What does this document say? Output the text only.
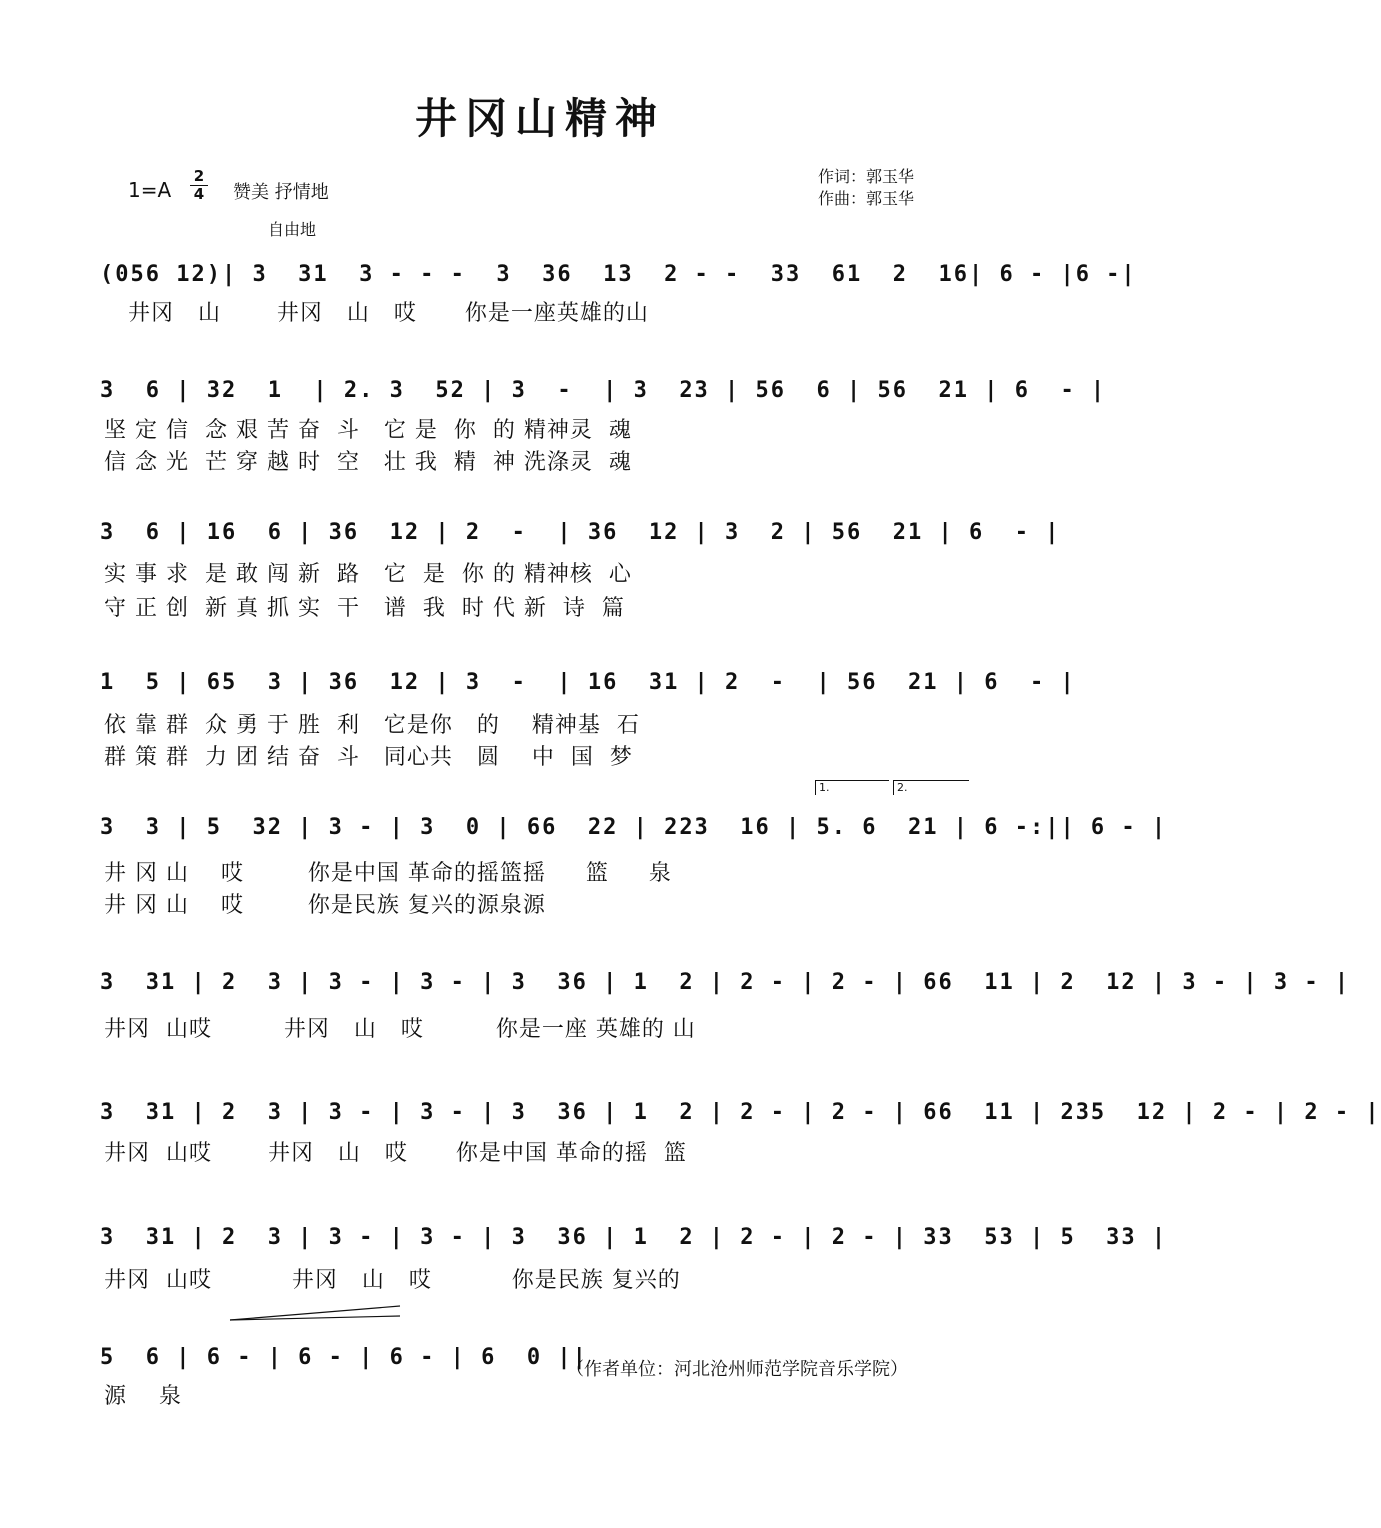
井冈山精神
1=A
2
4 赞美 抒情地
作词：郭玉华
作曲：郭玉华
自由地
(056 12)| 3  31  3 - - -  3  36  13  2 - -  33  61  2  16| 6 - |6 -|
井冈   山       井冈   山   哎      你是一座英雄的山
3  6 | 32  1  | 2. 3  52 | 3  -  | 3  23 | 56  6 | 56  21 | 6  - |
坚 定 信  念 艰 苦 奋  斗   它 是  你  的 精神灵  魂
信 念 光  芒 穿 越 时  空   壮 我  精  神 洗涤灵  魂
3  6 | 16  6 | 36  12 | 2  -  | 36  12 | 3  2 | 56  21 | 6  - |
实 事 求  是 敢 闯 新  路   它  是  你 的 精神核  心
守 正 创  新 真 抓 实  干   谱  我  时 代 新  诗  篇
1  5 | 65  3 | 36  12 | 3  -  | 16  31 | 2  -  | 56  21 | 6  - |
依 靠 群  众 勇 于 胜  利   它是你   的    精神基  石
群 策 群  力 团 结 奋  斗   同心共   圆    中  国  梦
3  3 | 5  32 | 3 - | 3  0 | 66  22 | 223  16 | 5. 6  21 | 6 -:|| 6 - |
井 冈 山    哎        你是中国 革命的摇篮摇     篮     泉
井 冈 山    哎        你是民族 复兴的源泉源
3  31 | 2  3 | 3 - | 3 - | 3  36 | 1  2 | 2 - | 2 - | 66  11 | 2  12 | 3 - | 3 - |
井冈  山哎         井冈   山   哎         你是一座 英雄的 山
3  31 | 2  3 | 3 - | 3 - | 3  36 | 1  2 | 2 - | 2 - | 66  11 | 235  12 | 2 - | 2 - |
井冈  山哎       井冈   山   哎      你是中国 革命的摇  篮
3  31 | 2  3 | 3 - | 3 - | 3  36 | 1  2 | 2 - | 2 - | 33  53 | 5  33 |
井冈  山哎          井冈   山   哎          你是民族 复兴的
5  6 | 6 - | 6 - | 6 - | 6  0 ||
源    泉
1.	2.
（作者单位：河北沧州师范学院音乐学院）
